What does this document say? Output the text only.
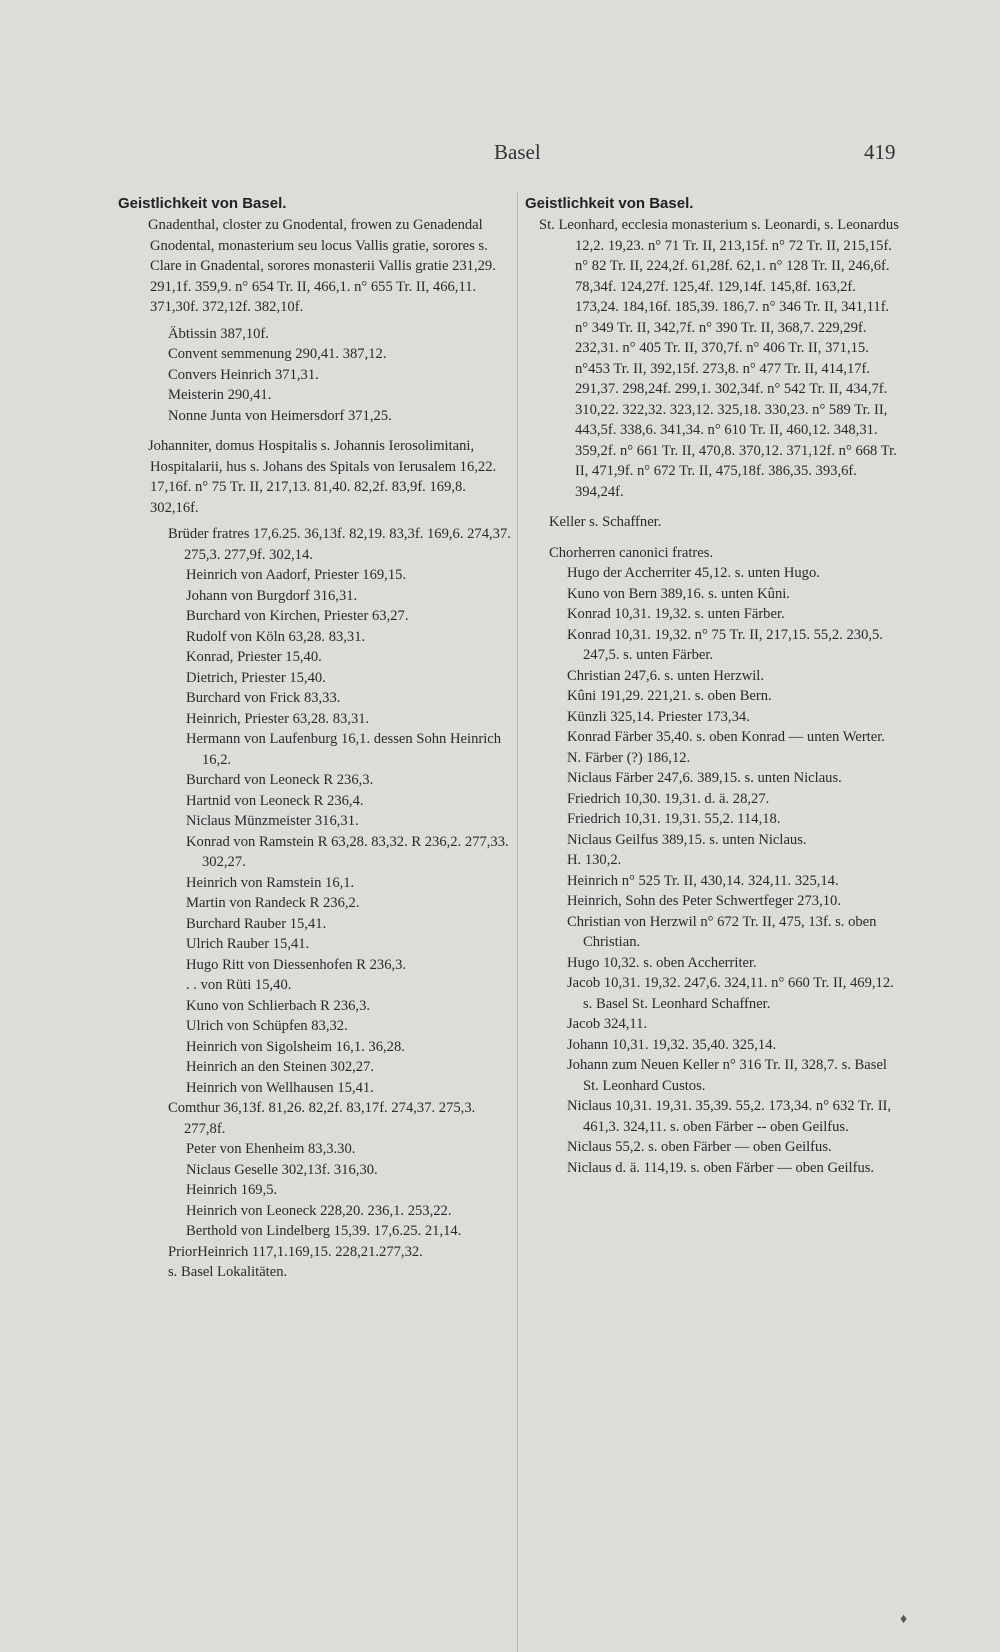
Basel	419
Geistlichkeit von Basel.

Gnadenthal, closter zu Gnodental, frowen zu Genadendal Gnodental, monasterium seu locus Vallis gratie, sorores s. Clare in Gnadental, sorores monasterii Vallis gratie 231,29. 291,1f. 359,9. n° 654 Tr. II, 466,1. n° 655 Tr. II, 466,11. 371,30f. 372,12f. 382,10f.

Äbtissin 387,10f.

Convent semmenung 290,41. 387,12.

Convers Heinrich 371,31.

Meisterin 290,41.

Nonne Junta von Heimersdorf 371,25.

Johanniter, domus Hospitalis s. Johannis Ierosolimitani, Hospitalarii, hus s. Johans des Spitals von Ierusalem 16,22. 17,16f. n° 75 Tr. II, 217,13. 81,40. 82,2f. 83,9f. 169,8. 302,16f.

Brüder fratres 17,6.25. 36,13f. 82,19. 83,3f. 169,6. 274,37. 275,3. 277,9f. 302,14.

Heinrich von Aadorf, Priester 169,15.

Johann von Burgdorf 316,31.

Burchard von Kirchen, Priester 63,27.

Rudolf von Köln 63,28. 83,31.

Konrad, Priester 15,40.

Dietrich, Priester 15,40.

Burchard von Frick 83,33.

Heinrich, Priester 63,28. 83,31.

Hermann von Laufenburg 16,1. dessen Sohn Heinrich 16,2.

Burchard von Leoneck R 236,3.

Hartnid von Leoneck R 236,4.

Niclaus Münzmeister 316,31.

Konrad von Ramstein R 63,28. 83,32. R 236,2. 277,33. 302,27.

Heinrich von Ramstein 16,1.

Martin von Randeck R 236,2.

Burchard Rauber 15,41.

Ulrich Rauber 15,41.

Hugo Ritt von Diessenhofen R 236,3.

. . von Rüti 15,40.

Kuno von Schlierbach R 236,3.

Ulrich von Schüpfen 83,32.

Heinrich von Sigolsheim 16,1. 36,28.

Heinrich an den Steinen 302,27.

Heinrich von Wellhausen 15,41.

Comthur 36,13f. 81,26. 82,2f. 83,17f. 274,37. 275,3. 277,8f.

Peter von Ehenheim 83,3.30.

Niclaus Geselle 302,13f. 316,30.

Heinrich 169,5.

Heinrich von Leoneck 228,20. 236,1. 253,22.

Berthold von Lindelberg 15,39. 17,6.25. 21,14.

PriorHeinrich 117,1.169,15. 228,21.277,32.

s. Basel Lokalitäten.

Geistlichkeit von Basel.

St. Leonhard, ecclesia monasterium s. Leonardi, s. Leonardus 12,2. 19,23. n° 71 Tr. II, 213,15f. n° 72 Tr. II, 215,15f. n° 82 Tr. II, 224,2f. 61,28f. 62,1. n° 128 Tr. II, 246,6f. 78,34f. 124,27f. 125,4f. 129,14f. 145,8f. 163,2f. 173,24. 184,16f. 185,39. 186,7. n° 346 Tr. II, 341,11f. n° 349 Tr. II, 342,7f. n° 390 Tr. II, 368,7. 229,29f. 232,31. n° 405 Tr. II, 370,7f. n° 406 Tr. II, 371,15. n°453 Tr. II, 392,15f. 273,8. n° 477 Tr. II, 414,17f. 291,37. 298,24f. 299,1. 302,34f. n° 542 Tr. II, 434,7f. 310,22. 322,32. 323,12. 325,18. 330,23. n° 589 Tr. II, 443,5f. 338,6. 341,34. n° 610 Tr. II, 460,12. 348,31. 359,2f. n° 661 Tr. II, 470,8. 370,12. 371,12f. n° 668 Tr. II, 471,9f. n° 672 Tr. II, 475,18f. 386,35. 393,6f. 394,24f.

Keller s. Schaffner.

Chorherren canonici fratres.

Hugo der Accherriter 45,12. s. unten Hugo.

Kuno von Bern 389,16. s. unten Kûni.

Konrad 10,31. 19,32. s. unten Färber.

Konrad 10,31. 19,32. n° 75 Tr. II, 217,15. 55,2. 230,5. 247,5. s. unten Färber.

Christian 247,6. s. unten Herzwil.

Kûni 191,29. 221,21. s. oben Bern.

Künzli 325,14. Priester 173,34.

Konrad Färber 35,40. s. oben Konrad — unten Werter.

N. Färber (?) 186,12.

Niclaus Färber 247,6. 389,15. s. unten Niclaus.

Friedrich 10,30. 19,31. d. ä. 28,27.

Friedrich 10,31. 19,31. 55,2. 114,18.

Niclaus Geilfus 389,15. s. unten Niclaus.

H. 130,2.

Heinrich n° 525 Tr. II, 430,14. 324,11. 325,14.

Heinrich, Sohn des Peter Schwertfeger 273,10.

Christian von Herzwil n° 672 Tr. II, 475, 13f. s. oben Christian.

Hugo 10,32. s. oben Accherriter.

Jacob 10,31. 19,32. 247,6. 324,11. n° 660 Tr. II, 469,12. s. Basel St. Leonhard Schaffner.

Jacob 324,11.

Johann 10,31. 19,32. 35,40. 325,14.

Johann zum Neuen Keller n° 316 Tr. II, 328,7. s. Basel St. Leonhard Custos.

Niclaus 10,31. 19,31. 35,39. 55,2. 173,34. n° 632 Tr. II, 461,3. 324,11. s. oben Färber -- oben Geilfus.

Niclaus 55,2. s. oben Färber — oben Geilfus.

Niclaus d. ä. 114,19. s. oben Färber — oben Geilfus.

♦
